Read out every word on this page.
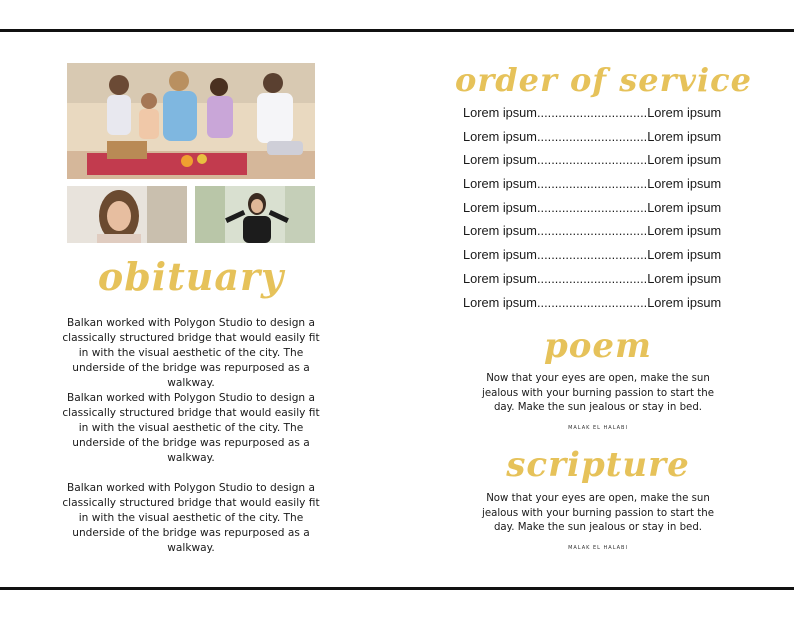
obituary

Balkan worked with Polygon Studio to design a classically structured bridge that would easily fit in with the visual aesthetic of the city. The underside of the bridge was repurposed as a walkway.

Balkan worked with Polygon Studio to design a classically structured bridge that would easily fit in with the visual aesthetic of the city. The underside of the bridge was repurposed as a walkway.

Balkan worked with Polygon Studio to design a classically structured bridge that would easily fit in with the visual aesthetic of the city. The underside of the bridge was repurposed as a walkway.

order of service
Lorem ipsum ............................... Lorem ipsum
Lorem ipsum ............................... Lorem ipsum
Lorem ipsum ............................... Lorem ipsum
Lorem ipsum ............................... Lorem ipsum
Lorem ipsum ............................... Lorem ipsum
Lorem ipsum ............................... Lorem ipsum
Lorem ipsum ............................... Lorem ipsum
Lorem ipsum ............................... Lorem ipsum
Lorem ipsum ............................... Lorem ipsum
poem

Now that your eyes are open, make the sun jealous with your burning passion to start the day. Make the sun jealous or stay in bed.

MALAK EL HALABI
scripture

Now that your eyes are open, make the sun jealous with your burning passion to start the day. Make the sun jealous or stay in bed.

MALAK EL HALABI
